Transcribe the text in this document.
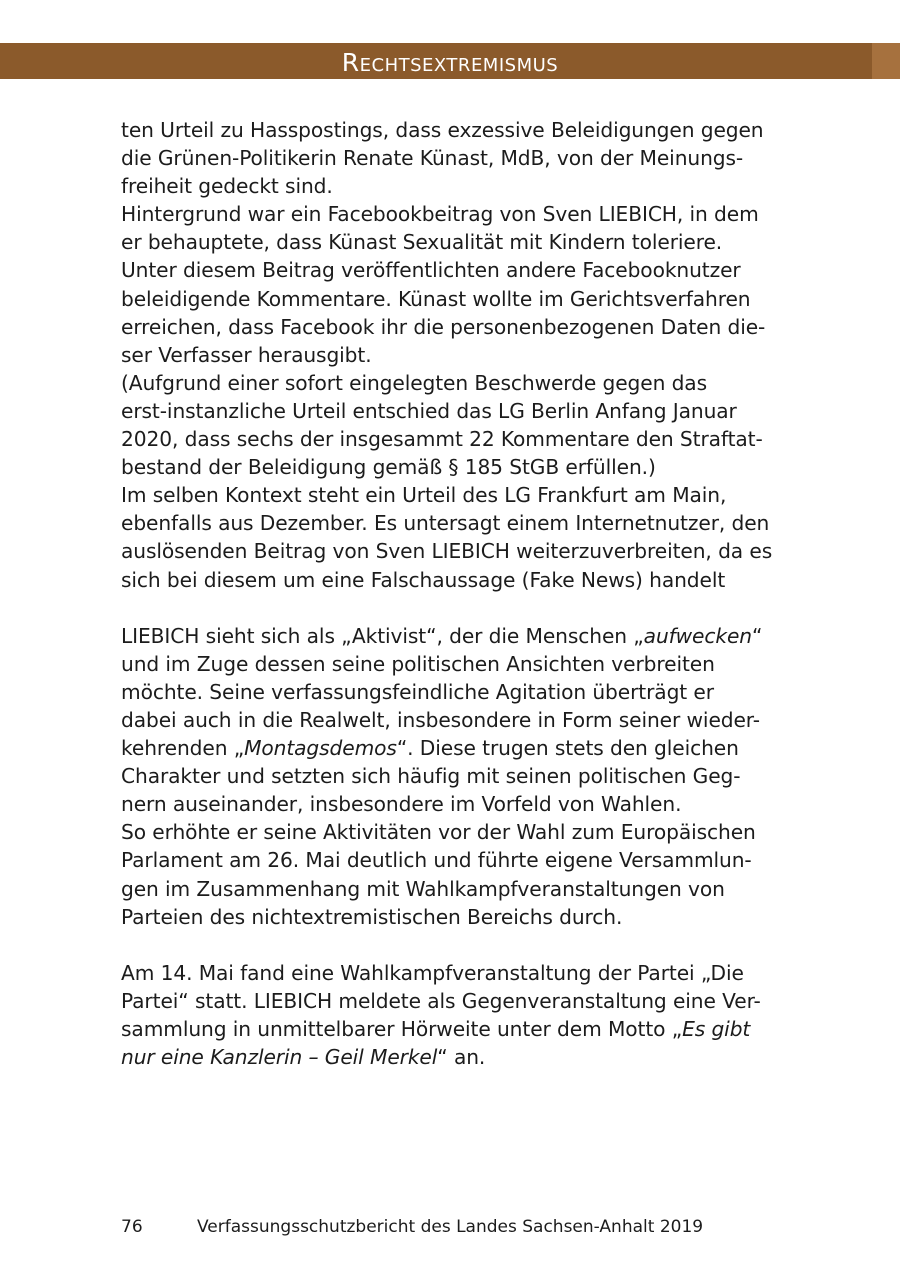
Rechtsextremismus
ten Urteil zu Hasspostings, dass exzessive Beleidigungen gegen
die Grünen-Politikerin Renate Künast, MdB, von der Meinungs-
freiheit gedeckt sind.
Hintergrund war ein Facebookbeitrag von Sven LIEBICH, in dem
er behauptete, dass Künast Sexualität mit Kindern toleriere.
Unter diesem Beitrag veröffentlichten andere Facebooknutzer
beleidigende Kommentare. Künast wollte im Gerichtsverfahren
erreichen, dass Facebook ihr die personenbezogenen Daten die-
ser Verfasser herausgibt.
(Aufgrund einer sofort eingelegten Beschwerde gegen das
erst-instanzliche Urteil entschied das LG Berlin Anfang Januar
2020, dass sechs der insgesammt 22 Kommentare den Straftat-
bestand der Beleidigung gemäß § 185 StGB erfüllen.)
Im selben Kontext steht ein Urteil des LG Frankfurt am Main,
ebenfalls aus Dezember. Es untersagt einem Internetnutzer, den
auslösenden Beitrag von Sven LIEBICH weiterzuverbreiten, da es
sich bei diesem um eine Falschaussage (Fake News) handelt
LIEBICH sieht sich als „Aktivist“, der die Menschen „aufwecken“
und im Zuge dessen seine politischen Ansichten verbreiten
möchte. Seine verfassungsfeindliche Agitation überträgt er
dabei auch in die Realwelt, insbesondere in Form seiner wieder-
kehrenden „Montagsdemos“. Diese trugen stets den gleichen
Charakter und setzten sich häufig mit seinen politischen Geg-
nern auseinander, insbesondere im Vorfeld von Wahlen.
So erhöhte er seine Aktivitäten vor der Wahl zum Europäischen
Parlament am 26. Mai deutlich und führte eigene Versammlun-
gen im Zusammenhang mit Wahlkampfveranstaltungen von
Parteien des nichtextremistischen Bereichs durch.
Am 14. Mai fand eine Wahlkampfveranstaltung der Partei „Die
Partei“ statt. LIEBICH meldete als Gegenveranstaltung eine Ver-
sammlung in unmittelbarer Hörweite unter dem Motto „Es gibt
nur eine Kanzlerin – Geil Merkel“ an.
76	Verfassungsschutzbericht des Landes Sachsen-Anhalt 2019
